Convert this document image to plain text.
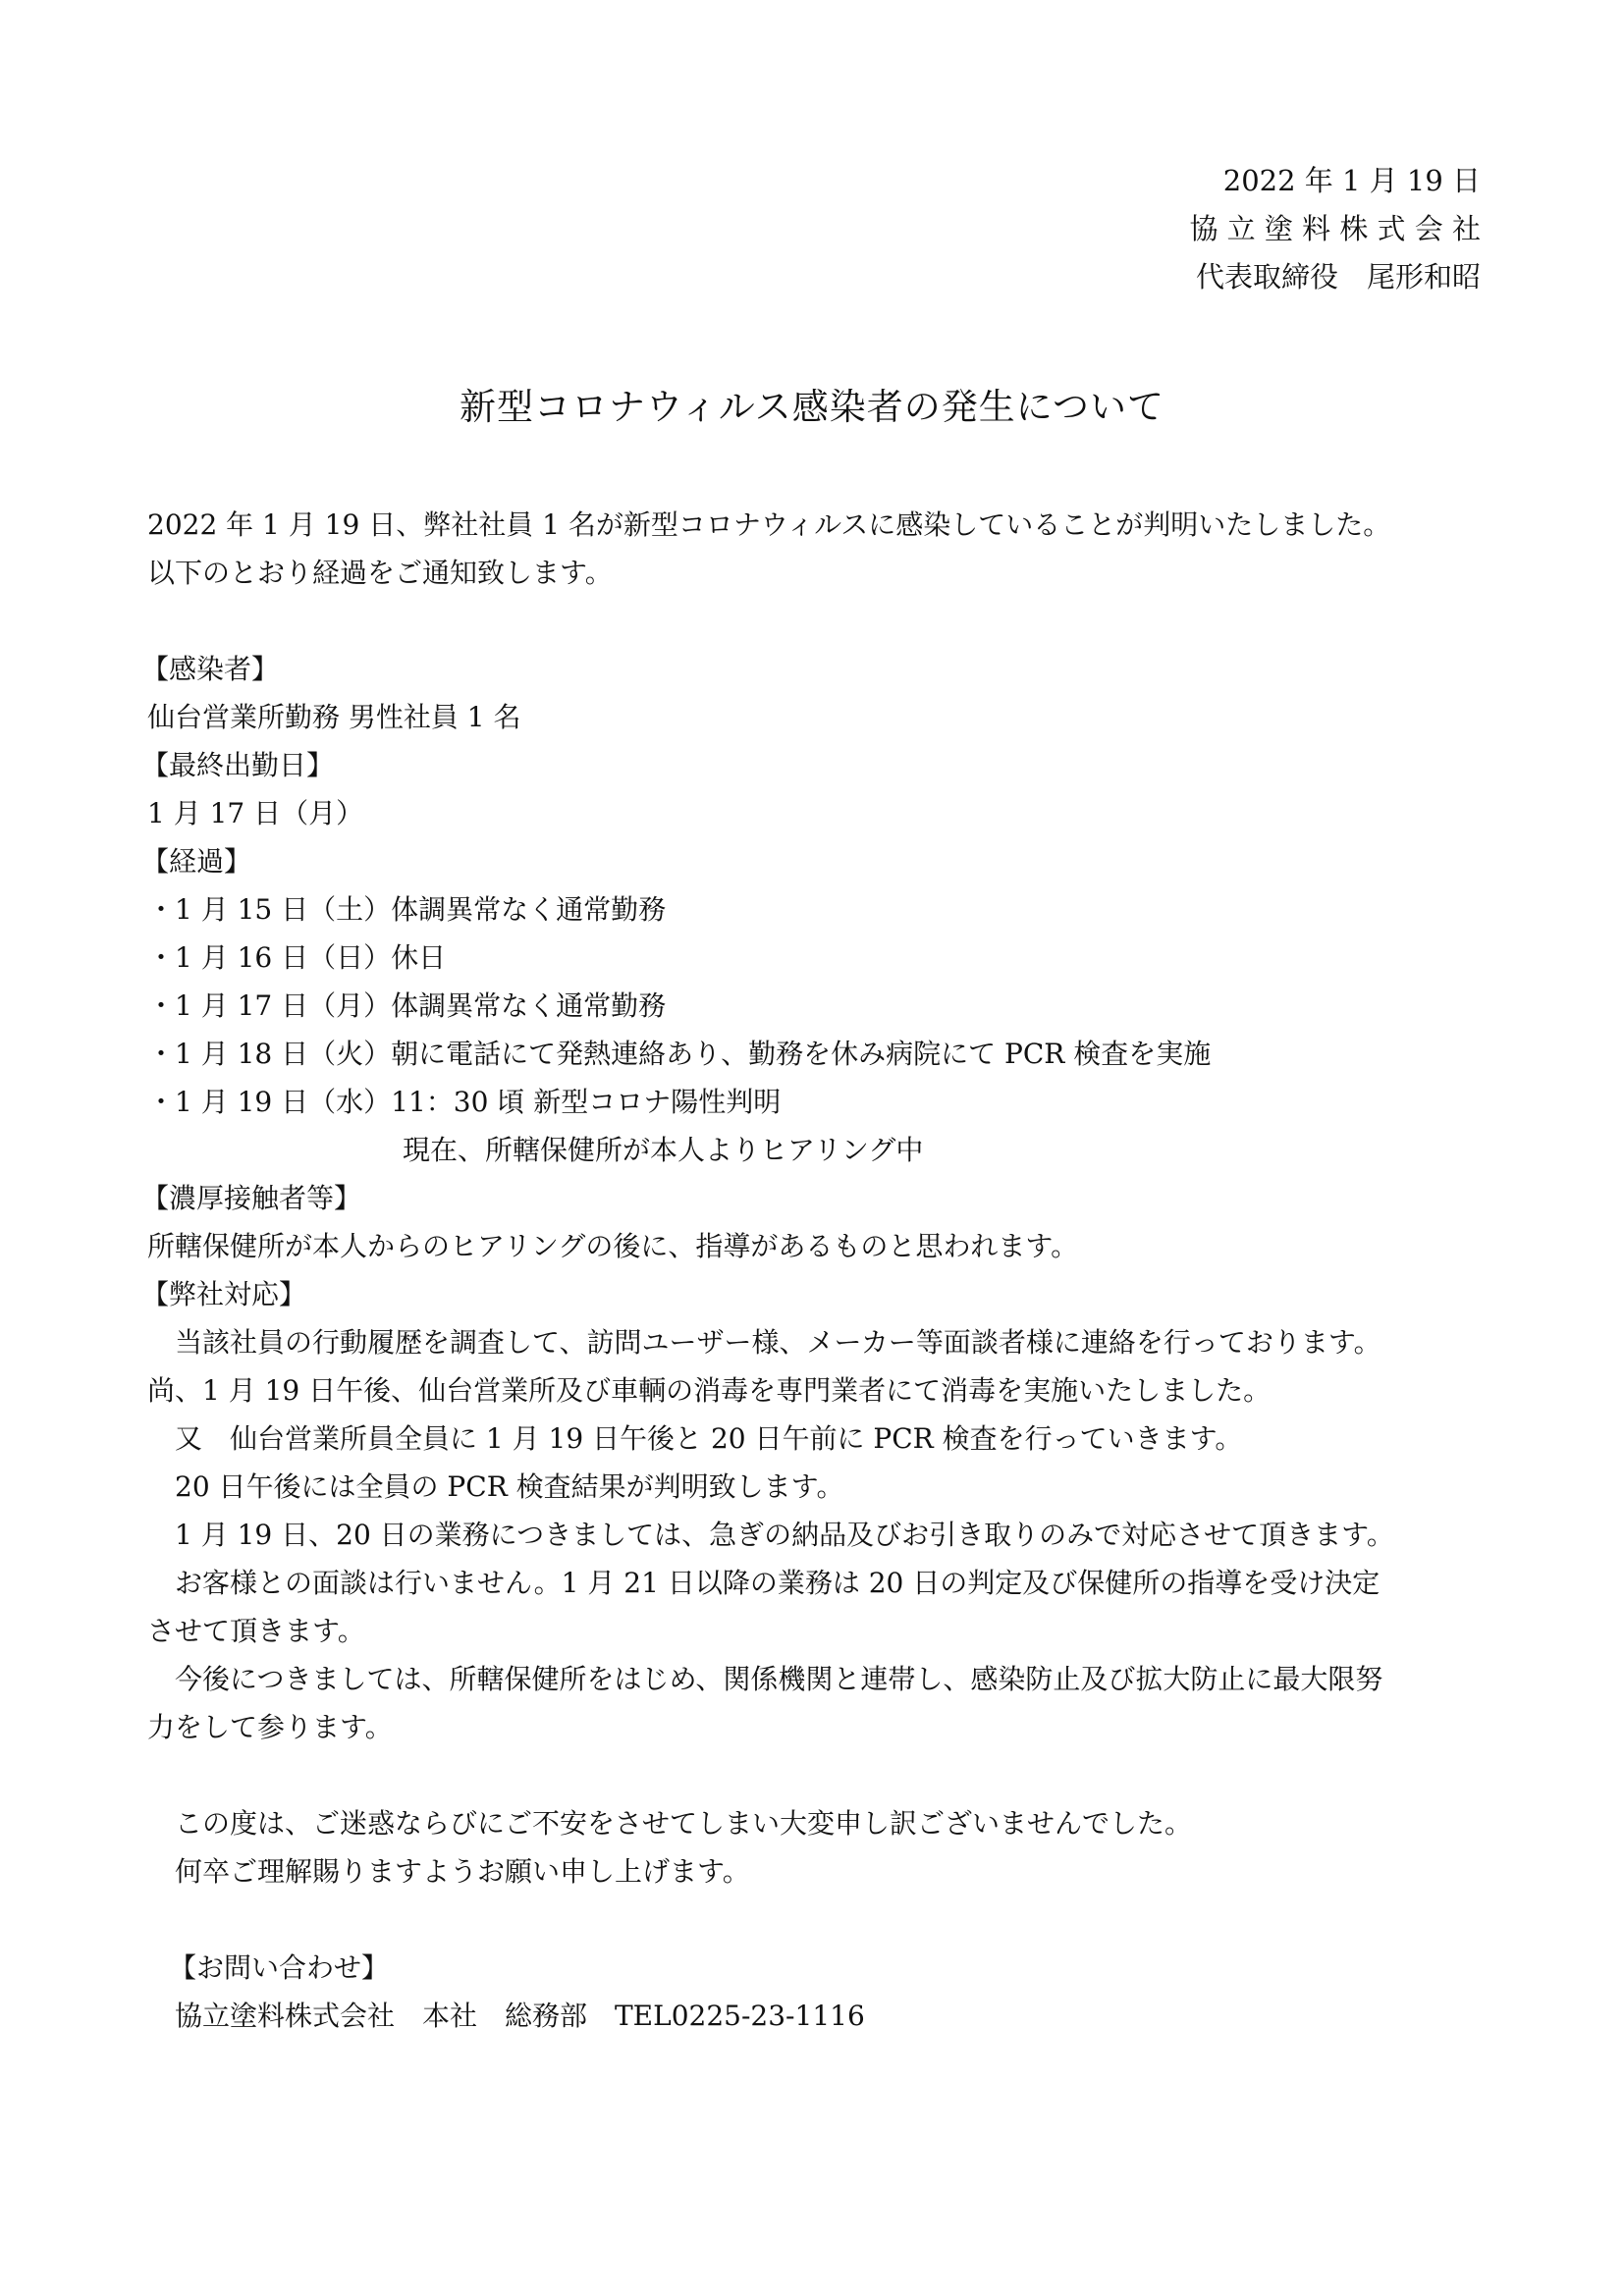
2022 年 1 月 19 日
協 立 塗 料 株 式 会 社
代表取締役　尾形和昭
新型コロナウィルス感染者の発生について
2022 年 1 月 19 日、弊社社員 1 名が新型コロナウィルスに感染していることが判明いたしました。
以下のとおり経過をご通知致します。
【感染者】
仙台営業所勤務 男性社員 1 名
【最終出勤日】
1 月 17 日（月）
【経過】
・1 月 15 日（土）体調異常なく通常勤務
・1 月 16 日（日）休日
・1 月 17 日（月）体調異常なく通常勤務
・1 月 18 日（火）朝に電話にて発熱連絡あり、勤務を休み病院にて PCR 検査を実施
・1 月 19 日（水）11：30 頃 新型コロナ陽性判明
現在、所轄保健所が本人よりヒアリング中
【濃厚接触者等】
所轄保健所が本人からのヒアリングの後に、指導があるものと思われます。
【弊社対応】
当該社員の行動履歴を調査して、訪問ユーザー様、メーカー等面談者様に連絡を行っております。
尚、1 月 19 日午後、仙台営業所及び車輌の消毒を専門業者にて消毒を実施いたしました。
又　仙台営業所員全員に 1 月 19 日午後と 20 日午前に PCR 検査を行っていきます。
20 日午後には全員の PCR 検査結果が判明致します。
1 月 19 日、20 日の業務につきましては、急ぎの納品及びお引き取りのみで対応させて頂きます。
お客様との面談は行いません。1 月 21 日以降の業務は 20 日の判定及び保健所の指導を受け決定
させて頂きます。
今後につきましては、所轄保健所をはじめ、関係機関と連帯し、感染防止及び拡大防止に最大限努
力をして参ります。
この度は、ご迷惑ならびにご不安をさせてしまい大変申し訳ございませんでした。
何卒ご理解賜りますようお願い申し上げます。
【お問い合わせ】
協立塗料株式会社　本社　総務部　TEL0225-23-1116
